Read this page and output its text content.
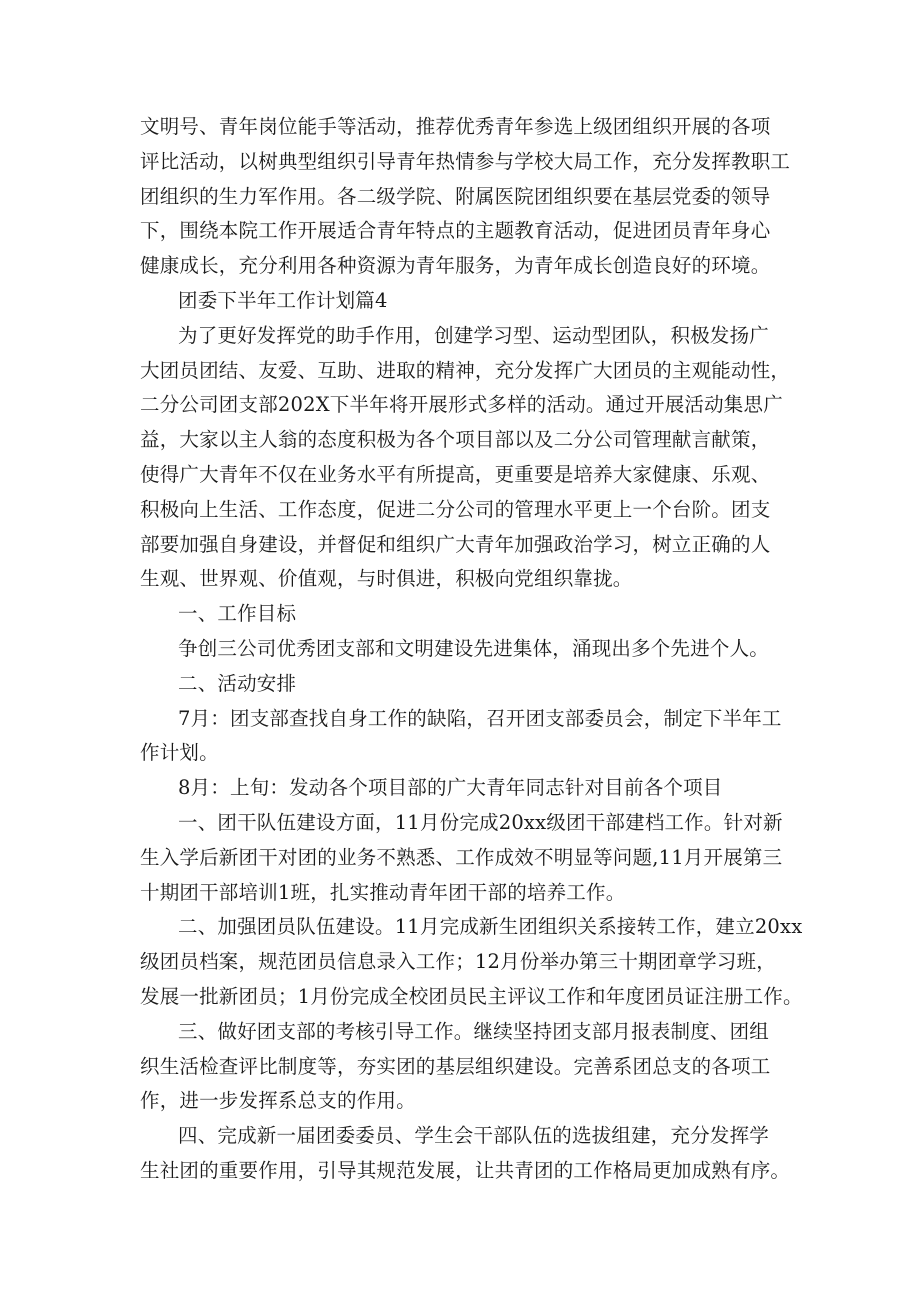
文明号、青年岗位能手等活动，推荐优秀青年参选上级团组织开展的各项
评比活动，以树典型组织引导青年热情参与学校大局工作，充分发挥教职工
团组织的生力军作用。各二级学院、附属医院团组织要在基层党委的领导
下，围绕本院工作开展适合青年特点的主题教育活动，促进团员青年身心
健康成长，充分利用各种资源为青年服务，为青年成长创造良好的环境。
团委下半年工作计划篇4
为了更好发挥党的助手作用，创建学习型、运动型团队，积极发扬广
大团员团结、友爱、互助、进取的精神，充分发挥广大团员的主观能动性，
二分公司团支部202X下半年将开展形式多样的活动。通过开展活动集思广
益，大家以主人翁的态度积极为各个项目部以及二分公司管理献言献策，
使得广大青年不仅在业务水平有所提高，更重要是培养大家健康、乐观、
积极向上生活、工作态度，促进二分公司的管理水平更上一个台阶。团支
部要加强自身建设，并督促和组织广大青年加强政治学习，树立正确的人
生观、世界观、价值观，与时俱进，积极向党组织靠拢。
一、工作目标
争创三公司优秀团支部和文明建设先进集体，涌现出多个先进个人。
二、活动安排
7月：团支部查找自身工作的缺陷，召开团支部委员会，制定下半年工
作计划。
8月：上旬：发动各个项目部的广大青年同志针对目前各个项目
一、团干队伍建设方面，11月份完成20xx级团干部建档工作。针对新
生入学后新团干对团的业务不熟悉、工作成效不明显等问题,11月开展第三
十期团干部培训1班，扎实推动青年团干部的培养工作。
二、加强团员队伍建设。11月完成新生团组织关系接转工作，建立20xx
级团员档案，规范团员信息录入工作；12月份举办第三十期团章学习班，
发展一批新团员；1月份完成全校团员民主评议工作和年度团员证注册工作。
三、做好团支部的考核引导工作。继续坚持团支部月报表制度、团组
织生活检查评比制度等，夯实团的基层组织建设。完善系团总支的各项工
作，进一步发挥系总支的作用。
四、完成新一届团委委员、学生会干部队伍的选拔组建，充分发挥学
生社团的重要作用，引导其规范发展，让共青团的工作格局更加成熟有序。
